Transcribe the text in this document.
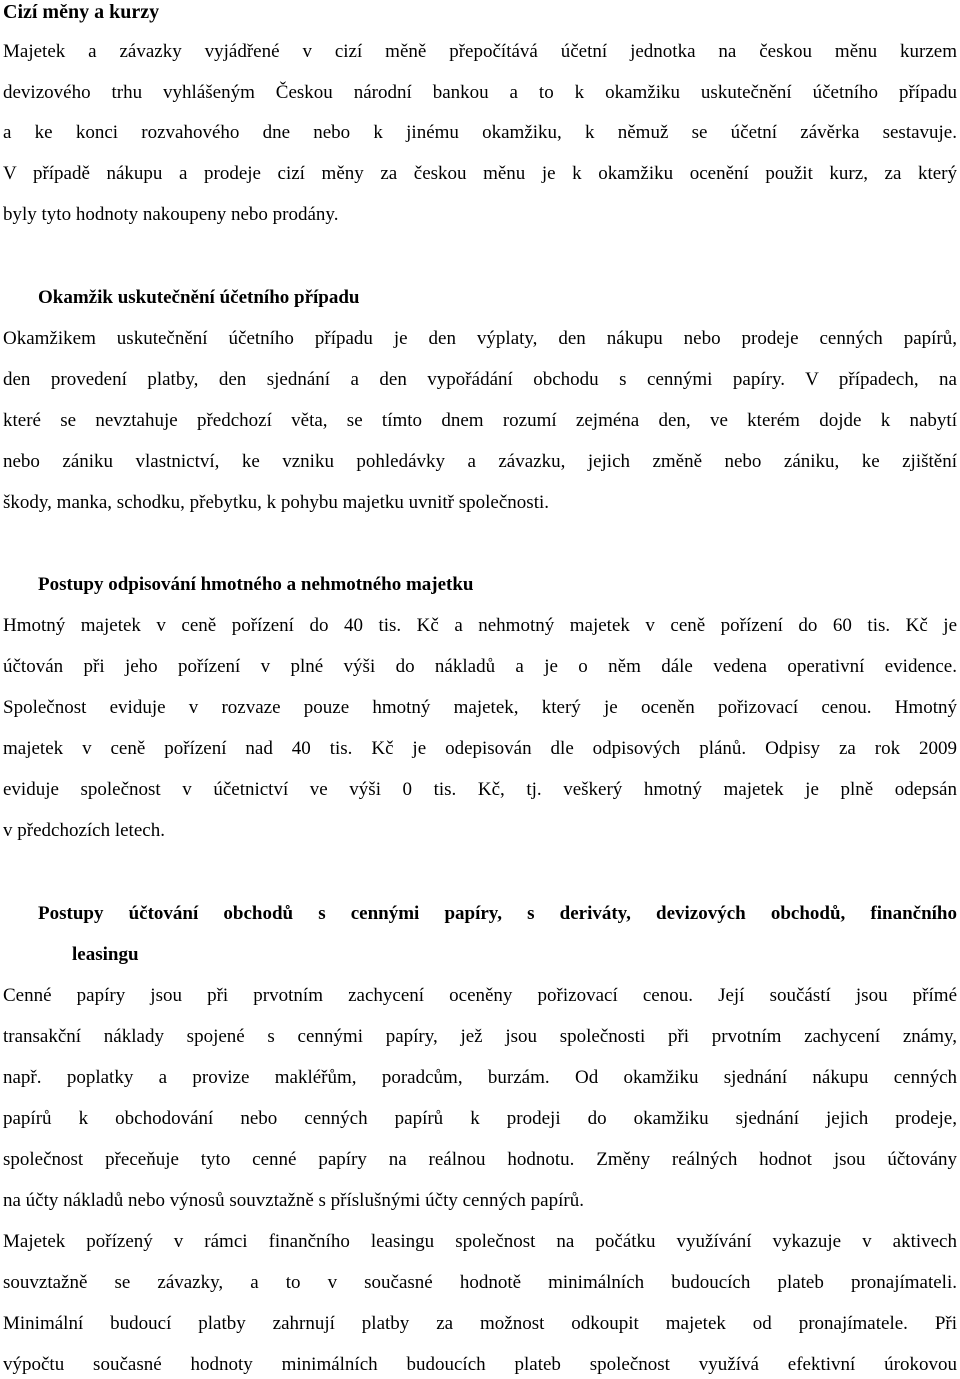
Cizí měny a kurzy
Majetek a závazky vyjádřené v cizí měně přepočítává účetní jednotka na českou měnu kurzem
devizového trhu vyhlášeným Českou národní bankou a to k okamžiku uskutečnění účetního případu
a ke konci rozvahového dne nebo k jinému okamžiku, k němuž se účetní závěrka sestavuje.
V případě nákupu a prodeje cizí měny za českou měnu je k okamžiku ocenění použit kurz, za který
byly tyto hodnoty nakoupeny nebo prodány.
Okamžik uskutečnění účetního případu
Okamžikem uskutečnění účetního případu je den výplaty, den nákupu nebo prodeje cenných papírů,
den provedení platby, den sjednání a den vypořádání obchodu s cennými papíry. V případech, na
které se nevztahuje předchozí věta, se tímto dnem rozumí zejména den, ve kterém dojde k nabytí
nebo zániku vlastnictví, ke vzniku pohledávky a závazku, jejich změně nebo zániku, ke zjištění
škody, manka, schodku, přebytku, k pohybu majetku uvnitř společnosti.
Postupy odpisování hmotného a nehmotného majetku
Hmotný majetek v ceně pořízení do 40 tis. Kč a nehmotný majetek v ceně pořízení do 60 tis. Kč je
účtován při jeho pořízení v plné výši do nákladů a je o něm dále vedena operativní evidence.
Společnost eviduje v rozvaze pouze hmotný majetek, který je oceněn pořizovací cenou. Hmotný
majetek v ceně pořízení nad 40 tis. Kč je odepisován dle odpisových plánů. Odpisy za rok 2009
eviduje společnost v účetnictví ve výši 0 tis. Kč, tj. veškerý hmotný majetek je plně odepsán
v předchozích letech.
Postupy účtování obchodů s cennými papíry, s deriváty, devizových obchodů, finančního
leasingu
Cenné papíry jsou při prvotním zachycení oceněny pořizovací cenou. Její součástí jsou přímé
transakční náklady spojené s cennými papíry, jež jsou společnosti při prvotním zachycení známy,
např. poplatky a provize makléřům, poradcům, burzám. Od okamžiku sjednání nákupu cenných
papírů k obchodování nebo cenných papírů k prodeji do okamžiku sjednání jejich prodeje,
společnost přeceňuje tyto cenné papíry na reálnou hodnotu. Změny reálných hodnot jsou účtovány
na účty nákladů nebo výnosů souvztažně s příslušnými účty cenných papírů.
Majetek pořízený v rámci finančního leasingu společnost na počátku využívání vykazuje v aktivech
souvztažně se závazky, a to v současné hodnotě minimálních budoucích plateb pronajímateli.
Minimální budoucí platby zahrnují platby za možnost odkoupit majetek od pronajímatele. Při
výpočtu současné hodnoty minimálních budoucích plateb společnost využívá efektivní úrokovou
